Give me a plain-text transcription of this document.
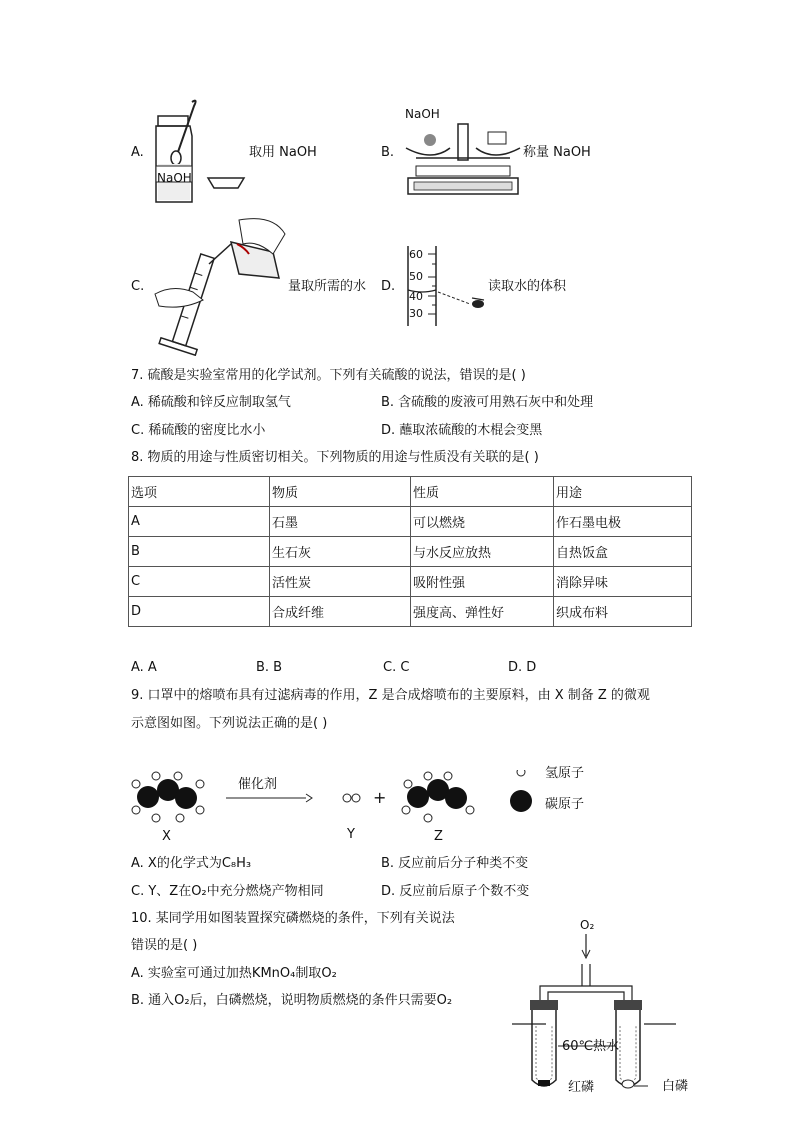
A.
NaOH
取用 NaOH	B.
NaOH
称量 NaOH
C.	量取所需的水 D.
60
50
40
30
读取水的体积
7. 硫酸是实验室常用的化学试剂。下列有关硫酸的说法，错误的是( )
A. 稀硫酸和锌反应制取氢气	B. 含硫酸的废液可用熟石灰中和处理
C. 稀硫酸的密度比水小	D. 蘸取浓硫酸的木棍会变黑
8. 物质的用途与性质密切相关。下列物质的用途与性质没有关联的是( )
选项	物质	性质	用途
A	石墨	可以燃烧	作石墨电极
B	生石灰	与水反应放热	自热饭盒
C	活性炭	吸附性强	消除异味
D	合成纤维	强度高、弹性好	织成布料
A. A	B. B	C. C	D. D
9. 口罩中的熔喷布具有过滤病毒的作用，Z 是合成熔喷布的主要原料，由 X 制备 Z 的微观
示意图如图。下列说法正确的是( )
催化剂
+
X	Y	Z
氢原子
碳原子
A. X的化学式为C₈H₃	B. 反应前后分子种类不变
C. Y、Z在O₂中充分燃烧产物相同	D. 反应前后原子个数不变
10. 某同学用如图装置探究磷燃烧的条件，下列有关说法
错误的是( )
A. 实验室可通过加热KMnO₄制取O₂
B. 通入O₂后，白磷燃烧，说明物质燃烧的条件只需要O₂
O₂
60℃热水
红磷	白磷
